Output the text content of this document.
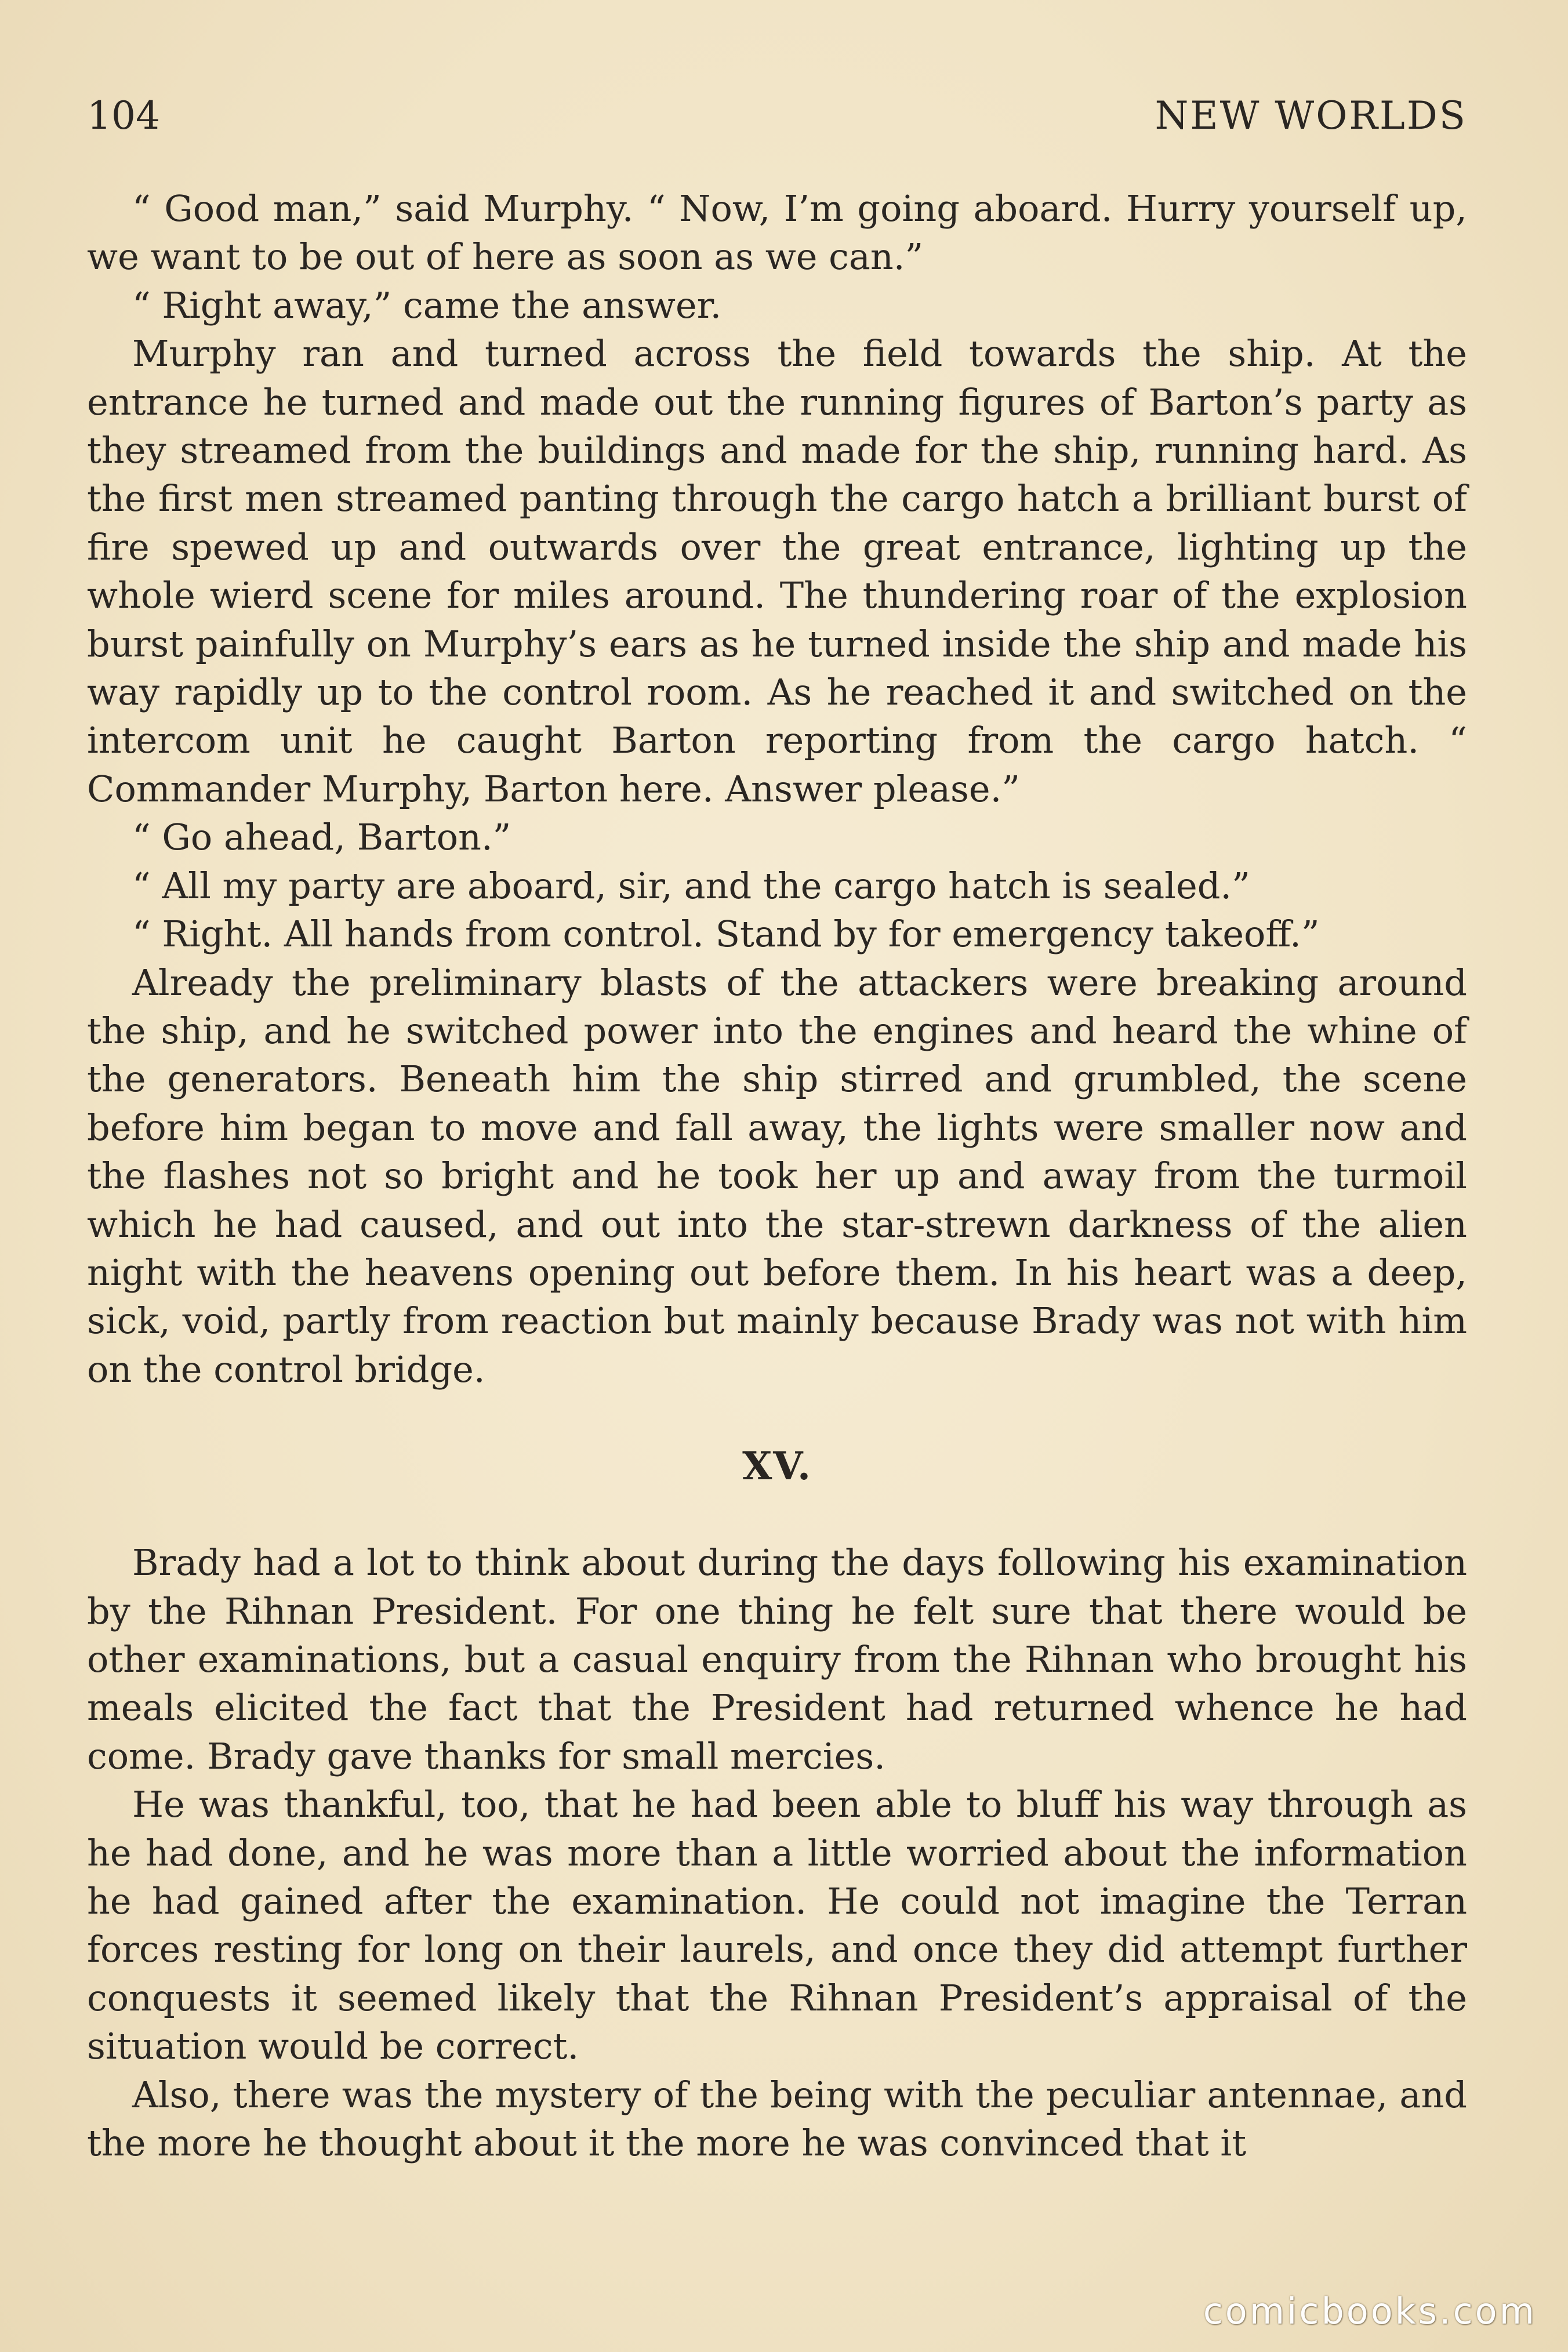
104	NEW WORLDS

“ Good man,” said Murphy. “ Now, I’m going aboard. Hurry yourself up, we want to be out of here as soon as we can.”

“ Right away,” came the answer.

Murphy ran and turned across the field towards the ship. At the entrance he turned and made out the running figures of Barton’s party as they streamed from the buildings and made for the ship, running hard. As the first men streamed panting through the cargo hatch a brilliant burst of fire spewed up and outwards over the great entrance, lighting up the whole wierd scene for miles around. The thundering roar of the explosion burst painfully on Murphy’s ears as he turned inside the ship and made his way rapidly up to the control room. As he reached it and switched on the intercom unit he caught Barton reporting from the cargo hatch. “ Commander Murphy, Barton here. Answer please.”

“ Go ahead, Barton.”

“ All my party are aboard, sir, and the cargo hatch is sealed.”

“ Right. All hands from control. Stand by for emergency takeoff.”

Already the preliminary blasts of the attackers were breaking around the ship, and he switched power into the engines and heard the whine of the generators. Beneath him the ship stirred and grumbled, the scene before him began to move and fall away, the lights were smaller now and the flashes not so bright and he took her up and away from the turmoil which he had caused, and out into the star-strewn darkness of the alien night with the heavens opening out before them. In his heart was a deep, sick, void, partly from reaction but mainly because Brady was not with him on the control bridge.

XV.

Brady had a lot to think about during the days following his examination by the Rihnan President. For one thing he felt sure that there would be other examinations, but a casual enquiry from the Rihnan who brought his meals elicited the fact that the President had returned whence he had come. Brady gave thanks for small mercies.

He was thankful, too, that he had been able to bluff his way through as he had done, and he was more than a little worried about the information he had gained after the examination. He could not imagine the Terran forces resting for long on their laurels, and once they did attempt further conquests it seemed likely that the Rihnan President’s appraisal of the situation would be correct.

Also, there was the mystery of the being with the peculiar antennae, and the more he thought about it the more he was convinced that it

comicbooks.com
